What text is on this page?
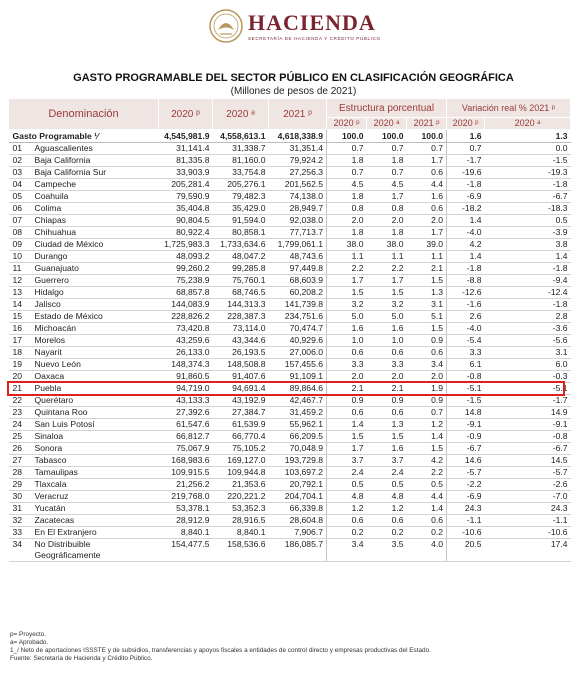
HACIENDA
SECRETARÍA DE HACIENDA Y CRÉDITO PÚBLICO
GASTO PROGRAMABLE DEL SECTOR PÚBLICO EN CLASIFICACIÓN GEOGRÁFICA
(Millones de pesos de 2021)
Denominación		2020 ᵖ	2020 ᵃ	2021 ᵖ	Estructura porcentual			Variación real % 2021 ᵖ	
					2020 ᵖ	2020 ᵃ	2021 ᵖ	2020 ᵖ	2020 ᵃ
Gasto Programable ¹⁄		4,545,981.9	4,558,613.1	4,618,338.9	100.0	100.0	100.0	1.6	1.3
01	Aguascalientes	31,141.4	31,338.7	31,351.4	0.7	0.7	0.7	0.7	0.0
02	Baja California	81,335.8	81,160.0	79,924.2	1.8	1.8	1.7	-1.7	-1.5
03	Baja California Sur	33,903.9	33,754.8	27,256.3	0.7	0.7	0.6	-19.6	-19.3
04	Campeche	205,281.4	205,276.1	201,562.5	4.5	4.5	4.4	-1.8	-1.8
05	Coahuila	79,590.9	79,482.3	74,138.0	1.8	1.7	1.6	-6.9	-6.7
06	Colima	35,404.8	35,429.0	28,949.7	0.8	0.8	0.6	-18.2	-18.3
07	Chiapas	90,804.5	91,594.0	92,038.0	2.0	2.0	2.0	1.4	0.5
08	Chihuahua	80,922.4	80,858.1	77,713.7	1.8	1.8	1.7	-4.0	-3.9
09	Ciudad de México	1,725,983.3	1,733,634.6	1,799,061.1	38.0	38.0	39.0	4.2	3.8
10	Durango	48,093.2	48,047.2	48,743.6	1.1	1.1	1.1	1.4	1.4
11	Guanajuato	99,260.2	99,285.8	97,449.8	2.2	2.2	2.1	-1.8	-1.8
12	Guerrero	75,238.9	75,760.1	68,603.9	1.7	1.7	1.5	-8.8	-9.4
13	Hidalgo	68,857.8	68,746.5	60,208.2	1.5	1.5	1.3	-12.6	-12.4
14	Jalisco	144,083.9	144,313.3	141,739.8	3.2	3.2	3.1	-1.6	-1.8
15	Estado de México	228,826.2	228,387.3	234,751.6	5.0	5.0	5.1	2.6	2.8
16	Michoacán	73,420.8	73,114.0	70,474.7	1.6	1.6	1.5	-4.0	-3.6
17	Morelos	43,259.6	43,344.6	40,929.6	1.0	1.0	0.9	-5.4	-5.6
18	Nayarit	26,133.0	26,193.5	27,006.0	0.6	0.6	0.6	3.3	3.1
19	Nuevo León	148,374.3	148,508.8	157,455.6	3.3	3.3	3.4	6.1	6.0
20	Oaxaca	91,860.5	91,407.6	91,109.1	2.0	2.0	2.0	-0.8	-0.3
21	Puebla	94,719.0	94,691.4	89,864.6	2.1	2.1	1.9	-5.1	-5.1
22	Querétaro	43,133.3	43,192.9	42,467.7	0.9	0.9	0.9	-1.5	-1.7
23	Quintana Roo	27,392.6	27,384.7	31,459.2	0.6	0.6	0.7	14.8	14.9
24	San Luis Potosí	61,547.6	61,539.9	55,962.1	1.4	1.3	1.2	-9.1	-9.1
25	Sinaloa	66,812.7	66,770.4	66,209.5	1.5	1.5	1.4	-0.9	-0.8
26	Sonora	75,067.9	75,105.2	70,048.9	1.7	1.6	1.5	-6.7	-6.7
27	Tabasco	168,983.6	169,127.0	193,729.8	3.7	3.7	4.2	14.6	14.5
28	Tamaulipas	109,915.5	109,944.8	103,697.2	2.4	2.4	2.2	-5.7	-5.7
29	Tlaxcala	21,256.2	21,353.6	20,792.1	0.5	0.5	0.5	-2.2	-2.6
30	Veracruz	219,768.0	220,221.2	204,704.1	4.8	4.8	4.4	-6.9	-7.0
31	Yucatán	53,378.1	53,352.3	66,339.8	1.2	1.2	1.4	24.3	24.3
32	Zacatecas	28,912.9	28,916.5	28,604.8	0.6	0.6	0.6	-1.1	-1.1
33	En El Extranjero	8,840.1	8,840.1	7,906.7	0.2	0.2	0.2	-10.6	-10.6
34	No Distribuible Geográficamente	154,477.5	158,536.6	186,085.7	3.4	3.5	4.0	20.5	17.4
p= Proyecto.
a= Aprobado.
1_/ Neto de aportaciones ISSSTE y de subsidios, transferencias y apoyos fiscales a entidades de control directo y empresas productivas del Estado.
Fuente: Secretaría de Hacienda y Crédito Público.
